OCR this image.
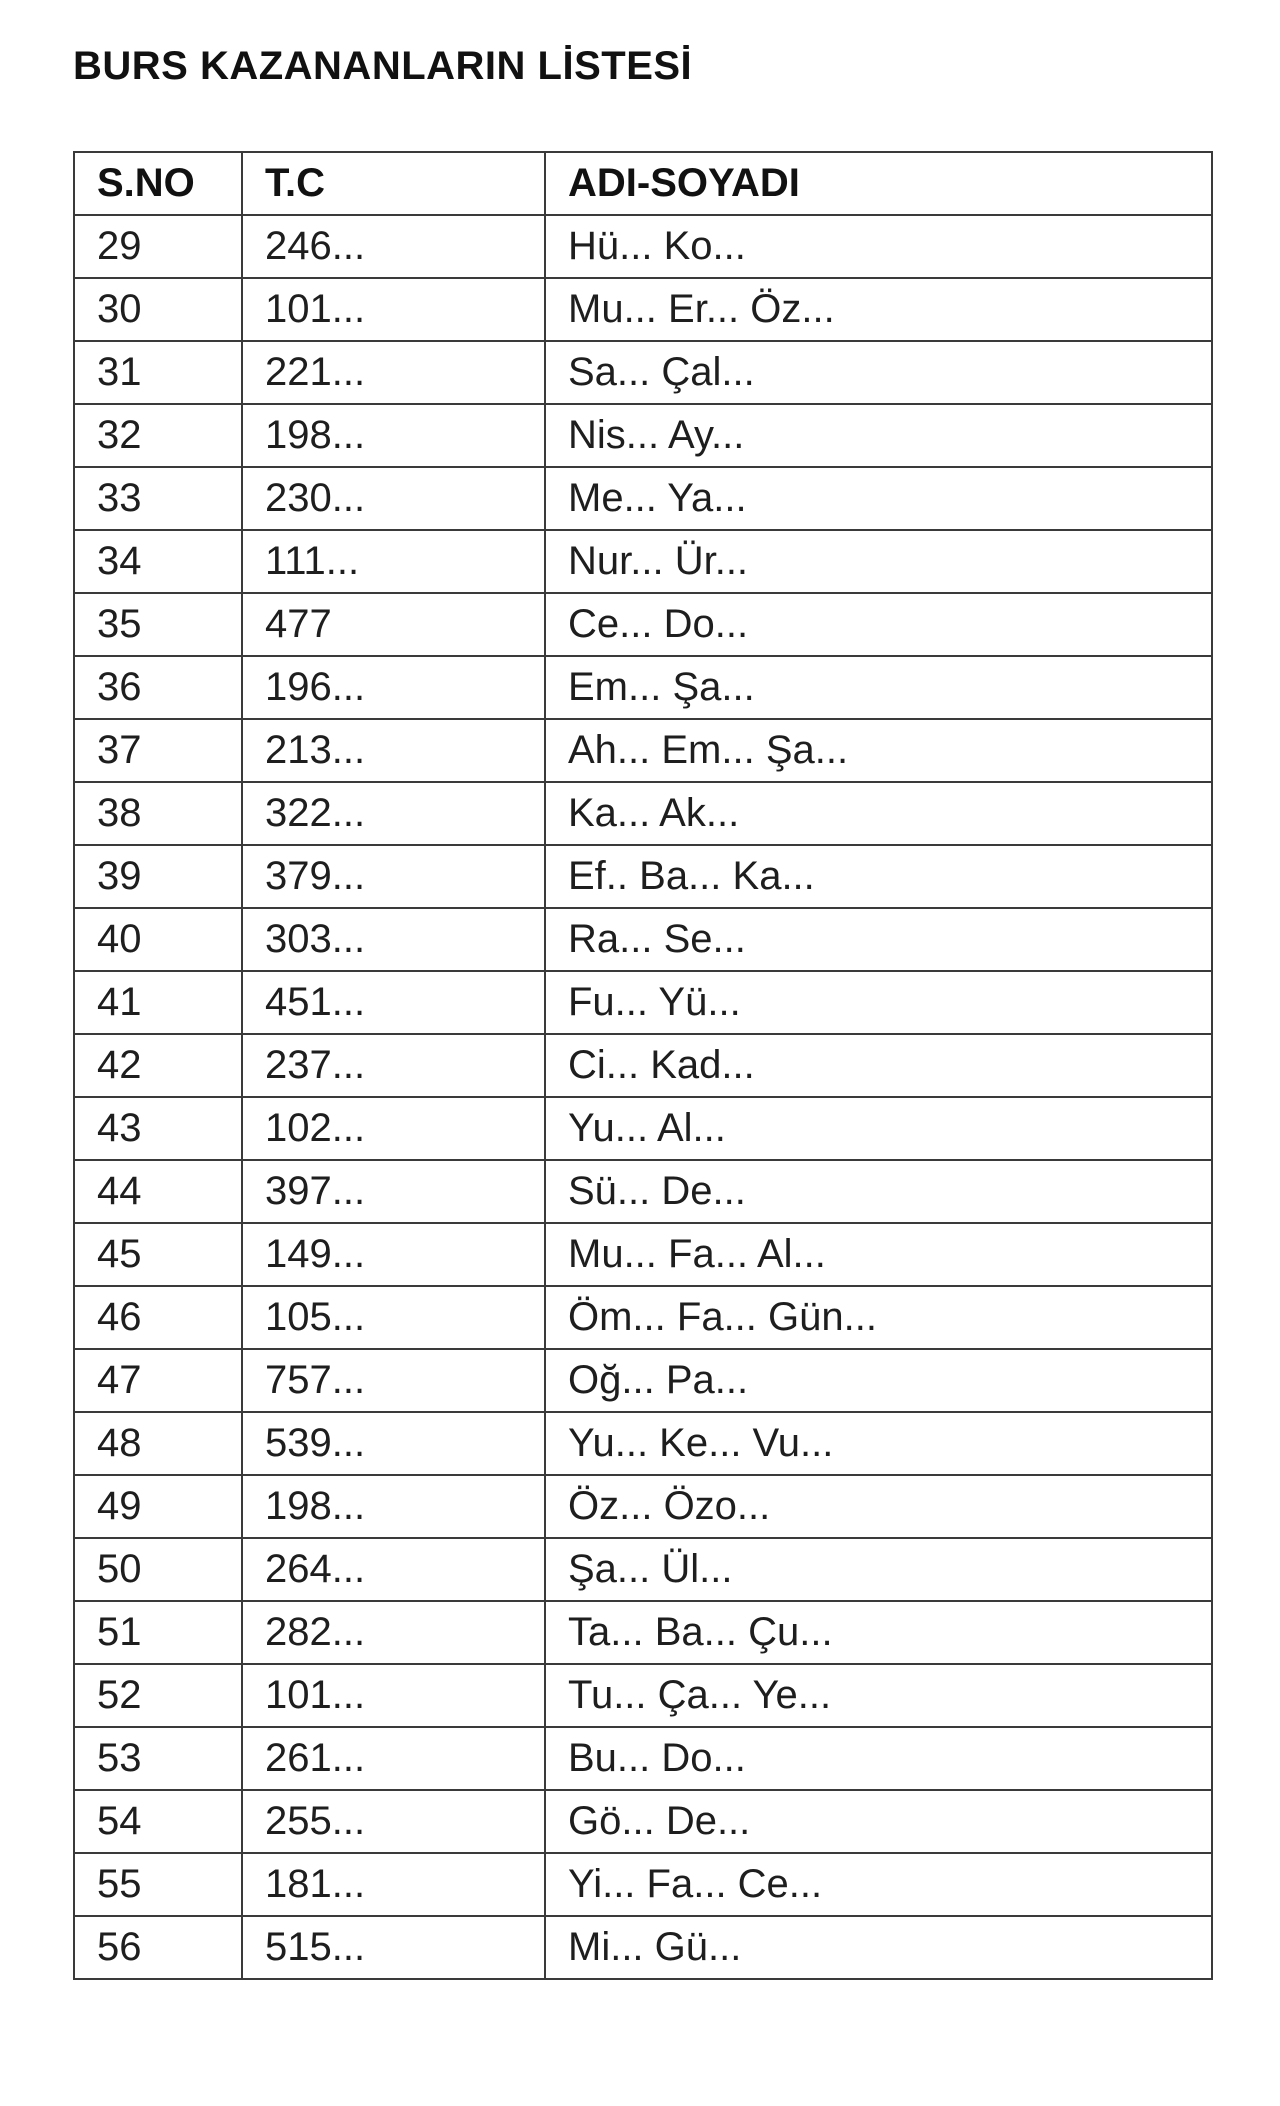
BURS KAZANANLARIN LİSTESİ
S.NO	T.C	ADI-SOYADI
29	246...	Hü... Ko...
30	101...	Mu... Er... Öz...
31	221...	Sa... Çal...
32	198...	Nis... Ay...
33	230...	Me... Ya...
34	111...	Nur... Ür...
35	477	Ce... Do...
36	196...	Em... Şa...
37	213...	Ah... Em... Şa...
38	322...	Ka... Ak...
39	379...	Ef.. Ba... Ka...
40	303...	Ra... Se...
41	451...	Fu... Yü...
42	237...	Ci... Kad...
43	102...	Yu... Al...
44	397...	Sü... De...
45	149...	Mu... Fa... Al...
46	105...	Öm... Fa... Gün...
47	757...	Oğ... Pa...
48	539...	Yu... Ke... Vu...
49	198...	Öz... Özo...
50	264...	Şa... Ül...
51	282...	Ta... Ba... Çu...
52	101...	Tu... Ça... Ye...
53	261...	Bu... Do...
54	255...	Gö... De...
55	181...	Yi... Fa... Ce...
56	515...	Mi... Gü...
